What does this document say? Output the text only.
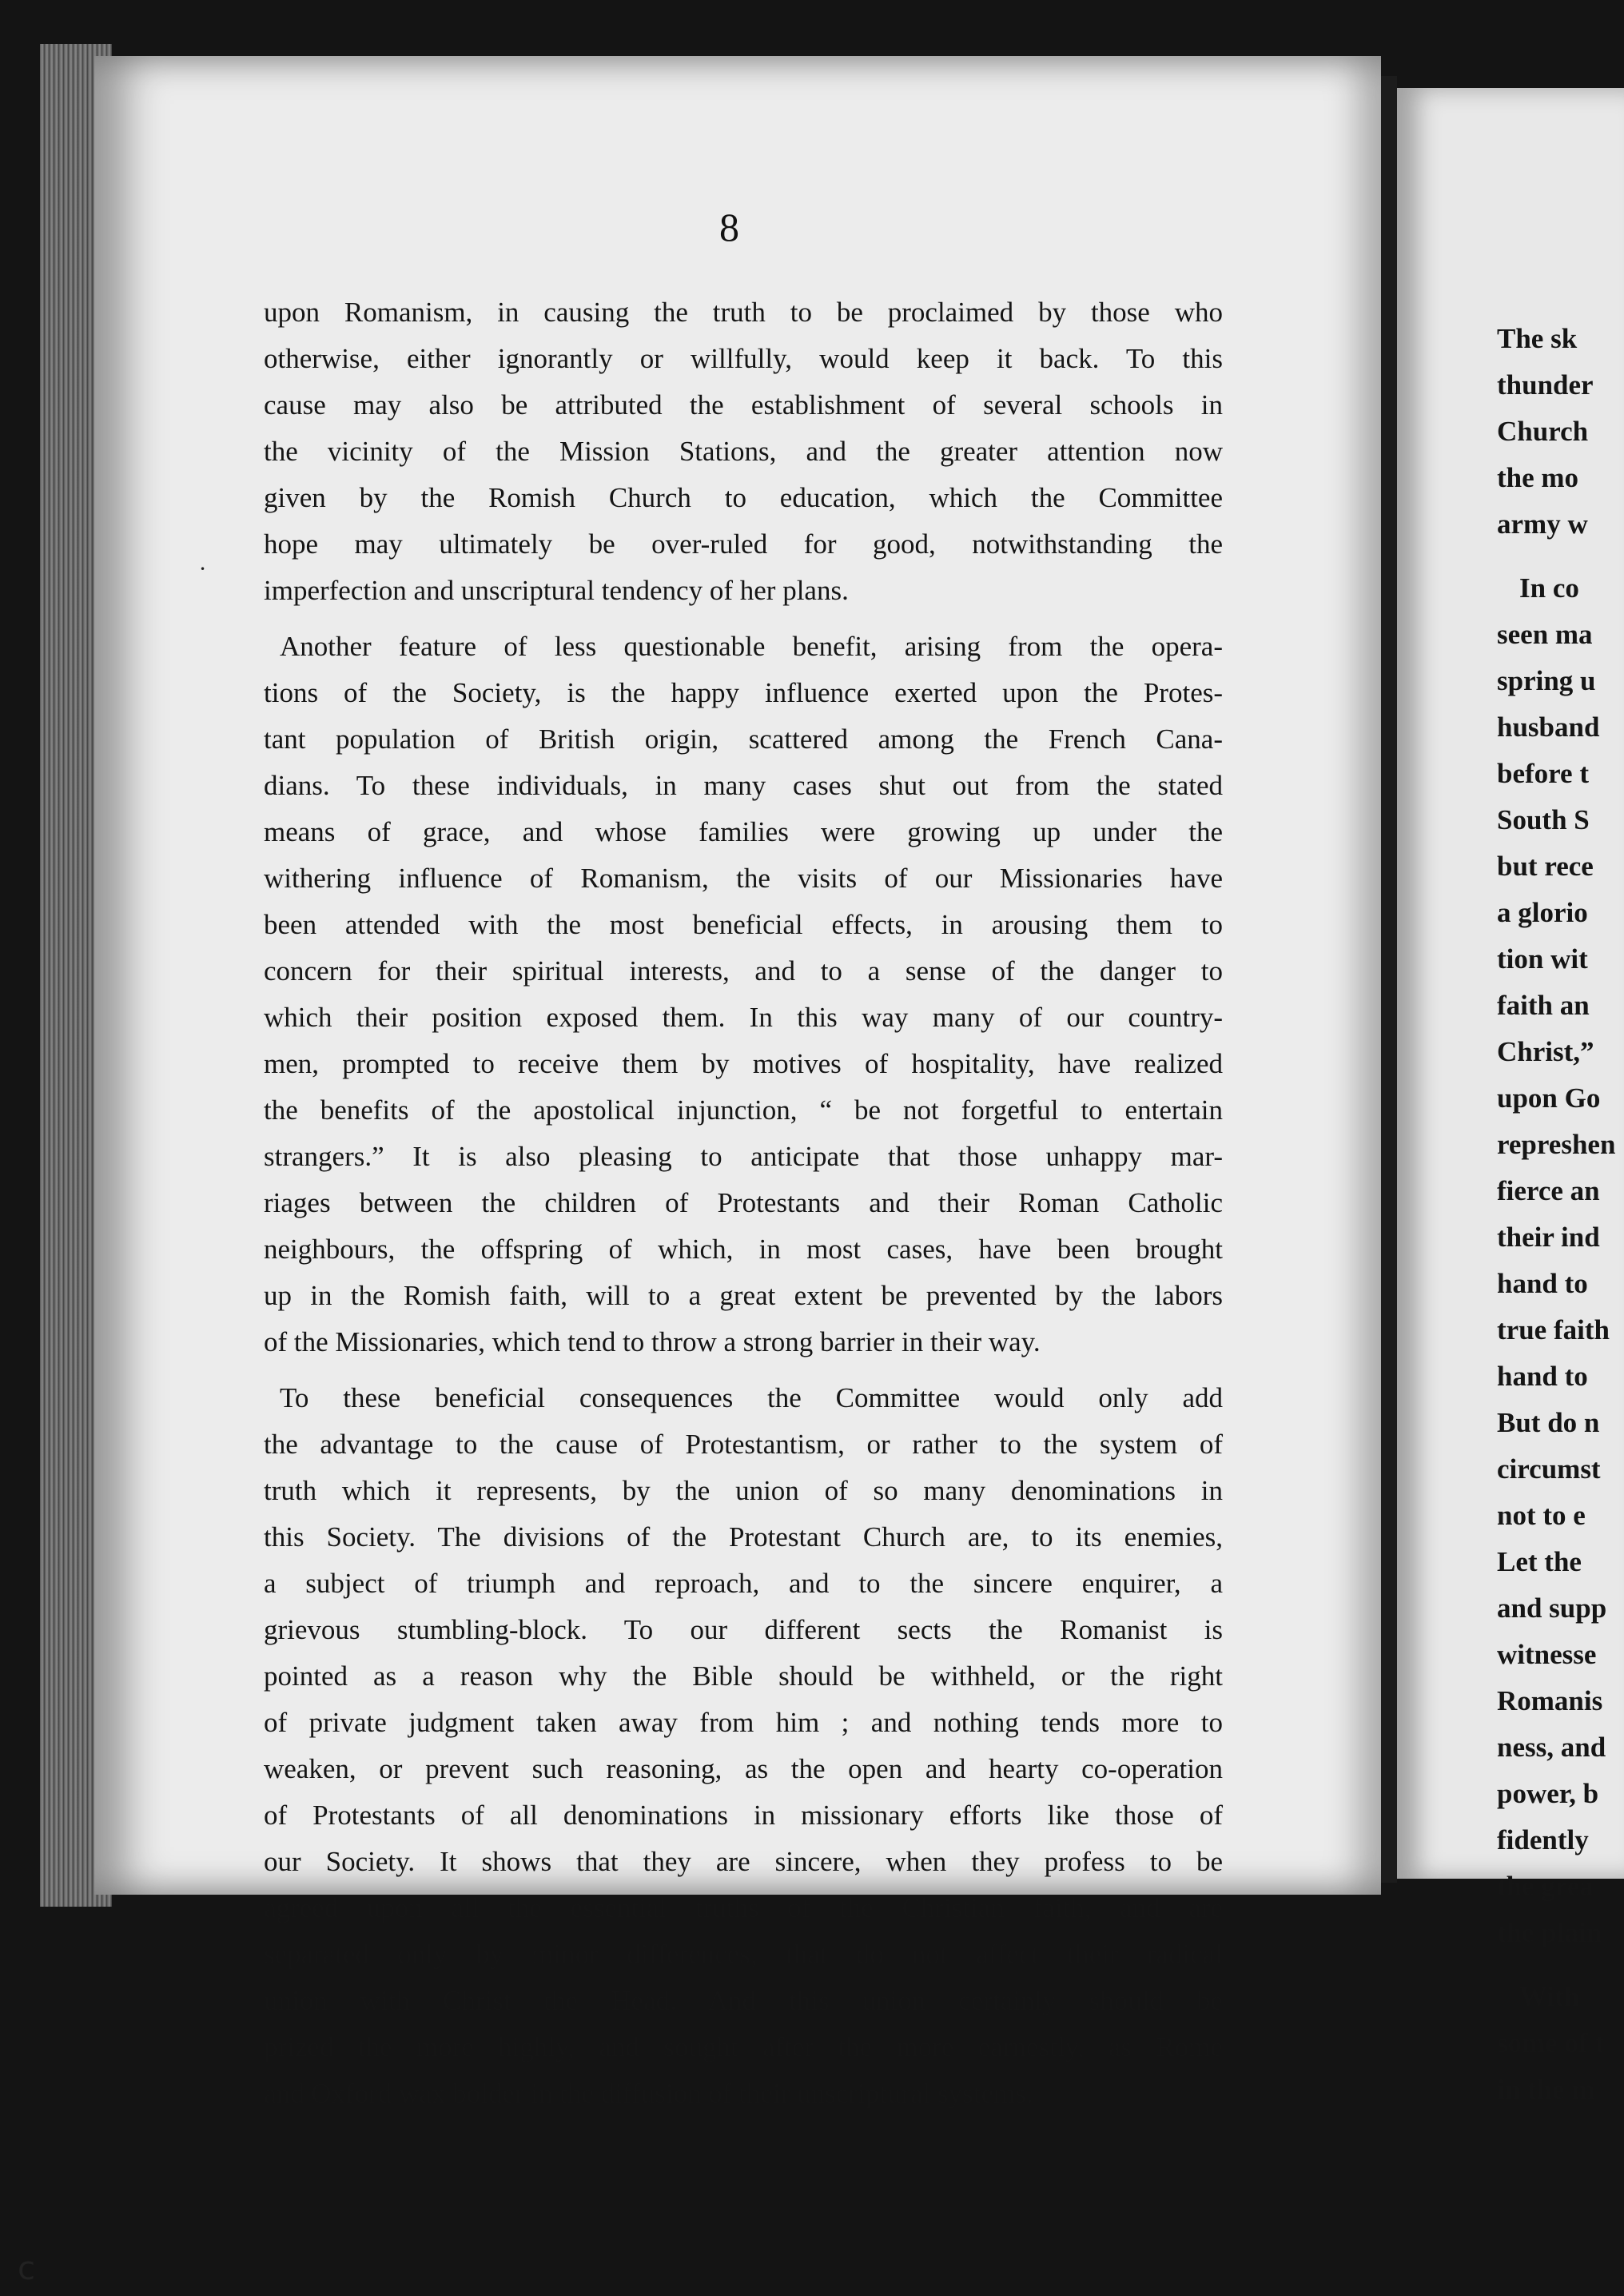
8
upon Romanism, in causing the truth to be proclaimed by those who
otherwise, either ignorantly or willfully, would keep it back. To this
cause may also be attributed the establishment of several schools in
the vicinity of the Mission Stations, and the greater attention now
given by the Romish Church to education, which the Committee
hope may ultimately be over-ruled for good, notwithstanding the
imperfection and unscriptural tendency of her plans.
Another feature of less questionable benefit, arising from the opera-
tions of the Society, is the happy influence exerted upon the Protes-
tant population of British origin, scattered among the French Cana-
dians. To these individuals, in many cases shut out from the stated
means of grace, and whose families were growing up under the
withering influence of Romanism, the visits of our Missionaries have
been attended with the most beneficial effects, in arousing them to
concern for their spiritual interests, and to a sense of the danger to
which their position exposed them. In this way many of our country-
men, prompted to receive them by motives of hospitality, have realized
the benefits of the apostolical injunction, “ be not forgetful to entertain
strangers.” It is also pleasing to anticipate that those unhappy mar-
riages between the children of Protestants and their Roman Catholic
neighbours, the offspring of which, in most cases, have been brought
up in the Romish faith, will to a great extent be prevented by the labors
of the Missionaries, which tend to throw a strong barrier in their way.
To these beneficial consequences the Committee would only add
the advantage to the cause of Protestantism, or rather to the system of
truth which it represents, by the union of so many denominations in
this Society. The divisions of the Protestant Church are, to its enemies,
a subject of triumph and reproach, and to the sincere enquirer, a
grievous stumbling-block. To our different sects the Romanist is
pointed as a reason why the Bible should be withheld, or the right
of private judgment taken away from him ; and nothing tends more to
weaken, or prevent such reasoning, as the open and hearty co-operation
of Protestants of all denominations in missionary efforts like those of
our Society. It shows that they are sincere, when they profess to be
agreed upon all the essential truths of the Christian faith, and are
separated only by minor differences, that do not affect their radical
union with Christ the Head. And this union certainly should be
prized the more highly, and sought after the more earnestly, as Rome
and Oxford wax bolder in the diffusion of their unscriptural systems.
The sk
thunder
Church
the mo
army w
In co
seen ma
spring u
husband
before t
South S
but rece
a glorio
tion wit
faith an
Christ,”
upon Go
represhen
fierce an
their ind
hand to
true faith
hand to
But do n
circumst
not to e
Let the
and supp
witnesse
Romanis
ness, and
power, b
fidently
the grea
the plain
With
some of t
in the m
c
•
